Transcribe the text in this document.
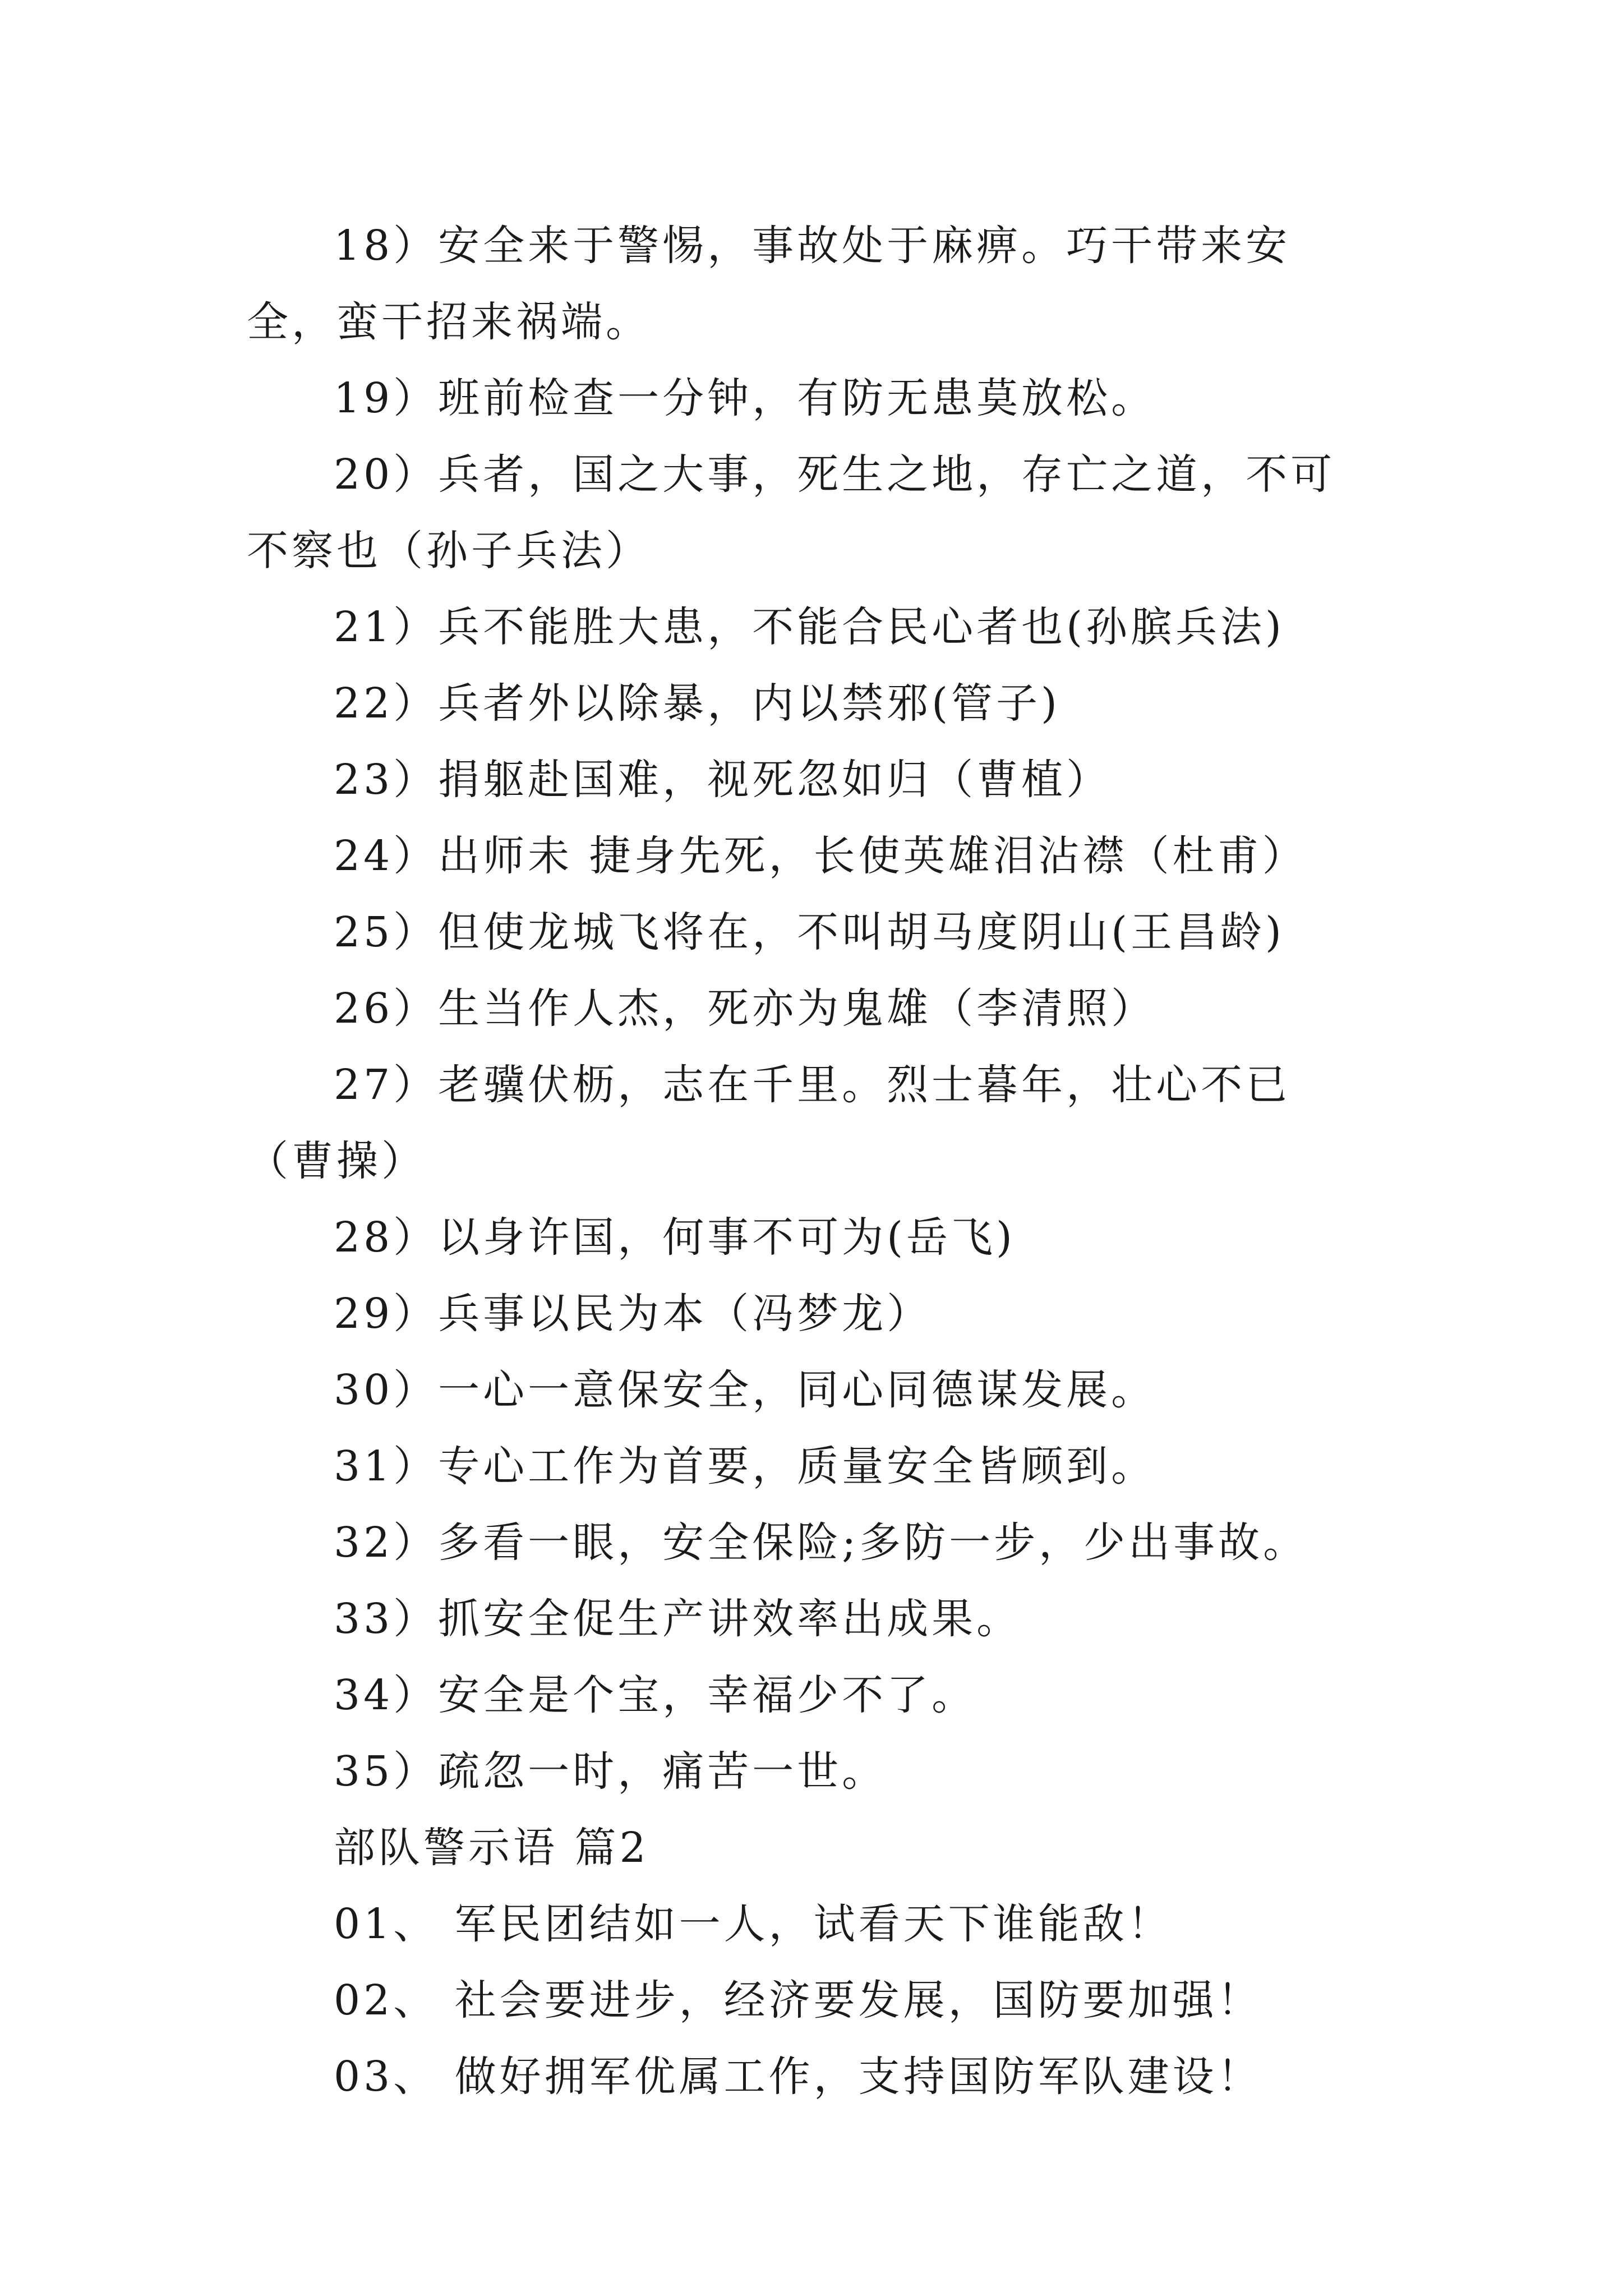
18）安全来于警惕，事故处于麻痹。巧干带来安全，蛮干招来祸端。

19）班前检查一分钟，有防无患莫放松。

20）兵者，国之大事，死生之地，存亡之道，不可不察也（孙子兵法）

21）兵不能胜大患，不能合民心者也(孙膑兵法)

22）兵者外以除暴，内以禁邪(管子)

23）捐躯赴国难，视死忽如归（曹植）

24）出师未 捷身先死，长使英雄泪沾襟（杜甫）

25）但使龙城飞将在，不叫胡马度阴山(王昌龄)

26）生当作人杰，死亦为鬼雄（李清照）

27）老骥伏枥，志在千里。烈士暮年，壮心不已（曹操）

28）以身许国，何事不可为(岳飞)

29）兵事以民为本（冯梦龙）

30）一心一意保安全，同心同德谋发展。

31）专心工作为首要，质量安全皆顾到。

32）多看一眼，安全保险;多防一步，少出事故。

33）抓安全促生产讲效率出成果。

34）安全是个宝，幸福少不了。

35）疏忽一时，痛苦一世。

部队警示语 篇2

01、 军民团结如一人，试看天下谁能敌！

02、 社会要进步，经济要发展，国防要加强！

03、 做好拥军优属工作，支持国防军队建设！
